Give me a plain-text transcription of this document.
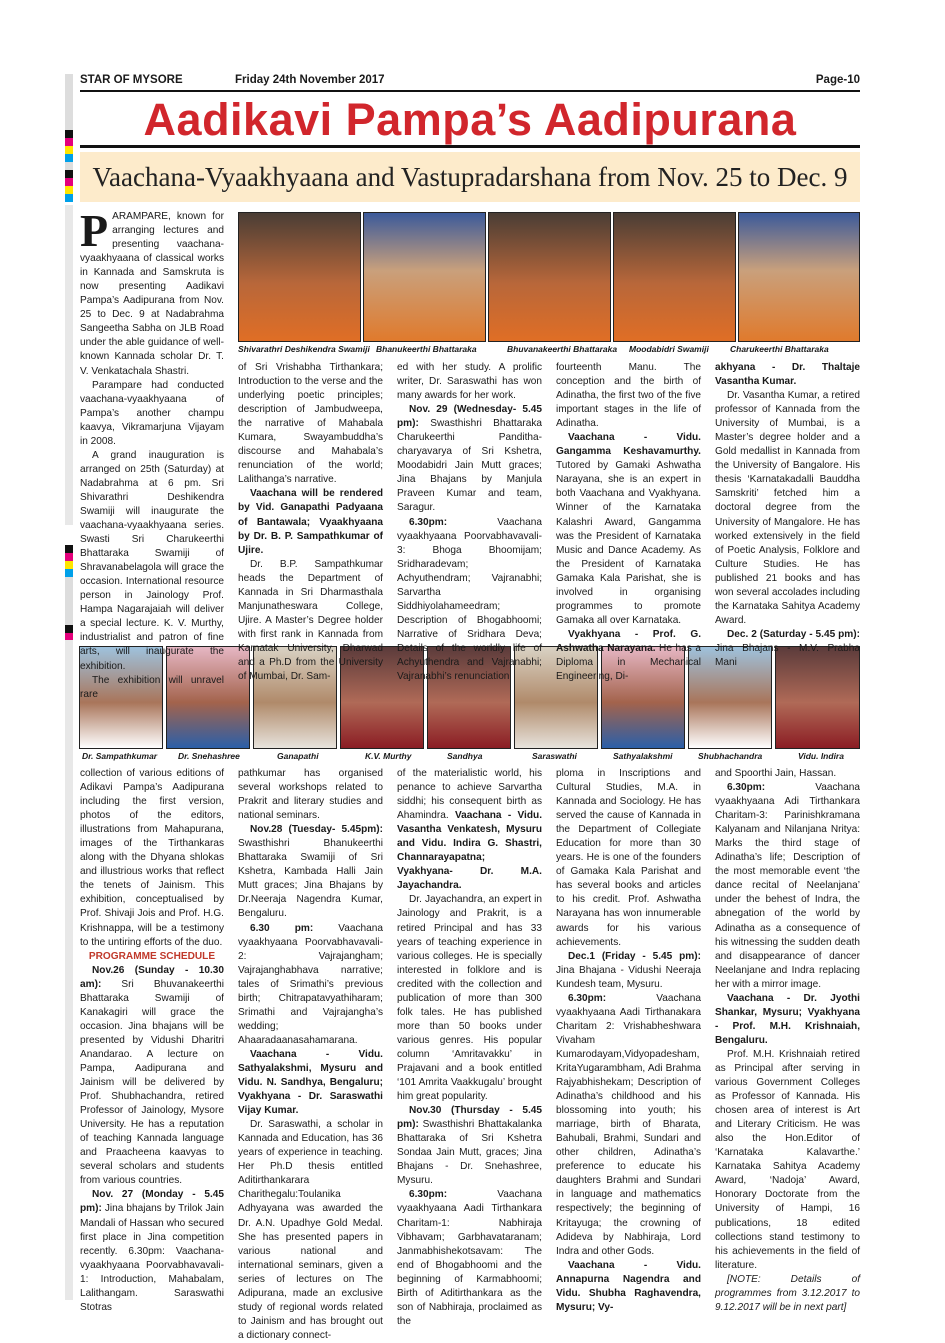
STAR OF MYSORE	Friday 24th November 2017	Page-10
Aadikavi Pampa’s Aadipurana
Vaachana-Vyaakhyaana and Vastupradarshana from Nov. 25 to Dec. 9
Shivarathri Deshikendra Swamiji Bhanukeerthi Bhattaraka	Bhuvanakeerthi Bhattaraka Moodabidri Swamiji Charukeerthi Bhattaraka
Dr. Sampathkumar Dr. Snehashree	Ganapathi	K.V. Murthy	Sandhya	Saraswathi	Sathyalakshmi	Shubhachandra	Vidu. Indira
P ARAMPARE, known for arranging lectures and presenting vaachana-vyaakhyaana of classical works in Kannada and Samskruta is now presenting Aadikavi Pampa’s Aadipurana from Nov. 25 to Dec. 9 at Nadabrahma Sangeetha Sabha on JLB Road under the able guidance of well-known Kannada scholar Dr. T. V. Venkatachala Shastri.

Parampare had conducted vaachana-vyaakhyaana of Pampa’s another champu kaavya, Vikramarjuna Vijayam in 2008.

A grand inauguration is arranged on 25th (Saturday) at Nadabrahma at 6 pm. Sri Shivarathri Deshikendra Swamiji will inaugurate the vaachana-vyaakhyaana series. Swasti Sri Charukeerthi Bhattaraka Swamiji of Shravanabelagola will grace the occasion. International resource person in Jainology Prof. Hampa Nagarajaiah will deliver a special lecture. K. V. Murthy, industrialist and patron of fine arts, will inaugurate the exhibition.

The exhibition will unravel rare

of Sri Vrishabha Tirthankara; Introduction to the verse and the underlying poetic principles; description of Jambudweepa, the narrative of Mahabala Kumara, Swayambuddha’s discourse and Mahabala’s renunciation of the world; Lalithanga’s narrative.

Vaachana will be rendered by Vid. Ganapathi Padyaana of Bantawala; Vyaakhyaana by Dr. B. P. Sampathkumar of Ujire.

Dr. B.P. Sampathkumar heads the Department of Kannada in Sri Dharmasthala Manjunatheswara College, Ujire. A Master’s Degree holder with first rank in Kannada from Karnatak University, Dharwad and a Ph.D from the University of Mumbai, Dr. Sam-

ed with her study. A prolific writer, Dr. Saraswathi has won many awards for her work.

Nov. 29 (Wednesday- 5.45 pm): Swasthishri Bhattaraka Charukeerthi Pandithacharyavarya of Sri Kshetra, Moodabidri Jain Mutt graces; Jina Bhajans by Manjula Praveen Kumar and team, Saragur.

6.30pm: Vaachana vyaakhyaana Poorvabhavavali-3: Bhoga Bhoomijam; Sridharadevam; Achyuthendram; Vajranabhi; Sarvartha Siddhiyolahameedram; Description of Bhogabhoomi; Narrative of Sridhara Deva; Details of the worldly life of Achyuthendra and Vajranabhi; Vajranabhi’s renunciation

fourteenth Manu. The conception and the birth of Adinatha, the first two of the five important stages in the life of Adinatha.

Vaachana - Vidu. Gangamma Keshavamurthy. Tutored by Gamaki Ashwatha Narayana, she is an expert in both Vaachana and Vyakhyana. Winner of the Karnataka Kalashri Award, Gangamma was the President of Karnataka Music and Dance Academy. As the President of Karnataka Gamaka Kala Parishat, she is involved in organising programmes to promote Gamaka all over Karnataka.

Vyakhyana - Prof. G. Ashwatha Narayana. He has a Diploma in Mechanical Engineering, Di-

akhyana - Dr. Thaltaje Vasantha Kumar.

Dr. Vasantha Kumar, a retired professor of Kannada from the University of Mumbai, is a Master’s degree holder and a Gold medallist in Kannada from the University of Bangalore. His thesis ‘Karnatakadalli Bauddha Samskriti’ fetched him a doctoral degree from the University of Mangalore. He has worked extensively in the field of Poetic Analysis, Folklore and Culture Studies. He has published 21 books and has won several accolades including the Karnataka Sahitya Academy Award.

Dec. 2 (Saturday - 5.45 pm): Jina Bhajans - M.V. Prabha Mani

collection of various editions of Adikavi Pampa’s Aadipurana including the first version, photos of the editors, illustrations from Mahapurana, images of the Tirthankaras along with the Dhyana shlokas and illustrious works that reflect the tenets of Jainism. This exhibition, conceptualised by Prof. Shivaji Jois and Prof. H.G. Krishnappa, will be a testimony to the untiring efforts of the duo.

PROGRAMME SCHEDULE

Nov.26 (Sunday - 10.30 am): Sri Bhuvanakeerthi Bhattaraka Swamiji of Kanakagiri will grace the occasion. Jina bhajans will be presented by Vidushi Dharitri Anandarao. A lecture on Pampa, Aadipurana and Jainism will be delivered by Prof. Shubhachandra, retired Professor of Jainology, Mysore University. He has a reputation of teaching Kannada language and Praacheena kaavyas to several scholars and students from various countries.

Nov. 27 (Monday - 5.45 pm): Jina bhajans by Trilok Jain Mandali of Hassan who secured first place in Jina competition recently. 6.30pm: Vaachana-vyaakhyaana Poorvabhavavali-1: Introduction, Mahabalam, Lalithangam. Saraswathi Stotras

pathkumar has organised several workshops related to Prakrit and literary studies and national seminars.

Nov.28 (Tuesday- 5.45pm): Swasthishri Bhanukeerthi Bhattaraka Swamiji of Sri Kshetra, Kambada Halli Jain Mutt graces; Jina Bhajans by Dr.Neeraja Nagendra Kumar, Bengaluru.

6.30 pm: Vaachana vyaakhyaana Poorvabhavavali-2: Vajrajangham; Vajrajanghabhava narrative; tales of Srimathi’s previous birth; Chitrapatavyathiharam; Srimathi and Vajrajangha’s wedding; Ahaaradaanasahamarana.

Vaachana - Vidu. Sathyalakshmi, Mysuru and Vidu. N. Sandhya, Bengaluru; Vyakhyana - Dr. Saraswathi Vijay Kumar.

Dr. Saraswathi, a scholar in Kannada and Education, has 36 years of experience in teaching. Her Ph.D thesis entitled Aditirthankarara Charithegalu:Toulanika Adhyayana was awarded the Dr. A.N. Upadhye Gold Medal. She has presented papers in various national and international seminars, given a series of lectures on The Adipurana, made an exclusive study of regional words related to Jainism and has brought out a dictionary connect-

of the materialistic world, his penance to achieve Sarvartha siddhi; his consequent birth as Ahamindra. Vaachana - Vidu. Vasantha Venkatesh, Mysuru and Vidu. Indira G. Shastri, Channarayapatna; Vyakhyana- Dr. M.A. Jayachandra.

Dr. Jayachandra, an expert in Jainology and Prakrit, is a retired Principal and has 33 years of teaching experience in various colleges. He is specially interested in folklore and is credited with the collection and publication of more than 300 folk tales. He has published more than 50 books under various genres. His popular column ‘Amritavakku’ in Prajavani and a book entitled ‘101 Amrita Vaakkugalu’ brought him great popularity.

Nov.30 (Thursday - 5.45 pm): Swasthishri Bhattakalanka Bhattaraka of Sri Kshetra Sondaa Jain Mutt, graces; Jina Bhajans - Dr. Snehashree, Mysuru.

6.30pm: Vaachana vyaakhyaana Aadi Tirthankara Charitam-1: Nabhiraja Vibhavam; Garbhavataranam; Janmabhishekotsavam: The end of Bhogabhoomi and the beginning of Karmabhoomi; Birth of Aditirthankara as the son of Nabhiraja, proclaimed as the

ploma in Inscriptions and Cultural Studies, M.A. in Kannada and Sociology. He has served the cause of Kannada in the Department of Collegiate Education for more than 30 years. He is one of the founders of Gamaka Kala Parishat and has several books and articles to his credit. Prof. Ashwatha Narayana has won innumerable awards for his various achievements.

Dec.1 (Friday - 5.45 pm): Jina Bhajana - Vidushi Neeraja Kundesh team, Mysuru.

6.30pm: Vaachana vyaakhyaana Aadi Tirthanakara Charitam 2: Vrishabheshwara Vivaham Kumarodayam,Vidyopadesham, KritaYugarambham, Adi Brahma Rajyabhishekam; Description of Adinatha’s childhood and his blossoming into youth; his marriage, birth of Bharata, Bahubali, Brahmi, Sundari and other children, Adinatha’s preference to educate his daughters Brahmi and Sundari in language and mathematics respectively; the beginning of Kritayuga; the crowning of Adideva by Nabhiraja, Lord Indra and other Gods.

Vaachana - Vidu. Annapurna Nagendra and Vidu. Shubha Raghavendra, Mysuru; Vy-

and Spoorthi Jain, Hassan.

6.30pm: Vaachana vyaakhyaana Adi Tirthankara Charitam-3: Parinishkramana Kalyanam and Nilanjana Nritya: Marks the third stage of Adinatha’s life; Description of the most memorable event ‘the dance recital of Neelanjana’ under the behest of Indra, the abnegation of the world by Adinatha as a consequence of his witnessing the sudden death and disappearance of dancer Neelanjane and Indra replacing her with a mirror image.

Vaachana - Dr. Jyothi Shankar, Mysuru; Vyakhyana - Prof. M.H. Krishnaiah, Bengaluru.

Prof. M.H. Krishnaiah retired as Principal after serving in various Government Colleges as Professor of Kannada. His chosen area of interest is Art and Literary Criticism. He was also the Hon.Editor of ‘Karnataka Kalavarthe.’ Karnataka Sahitya Academy Award, ‘Nadoja’ Award, Honorary Doctorate from the University of Hampi, 16 publications, 18 edited collections stand testimony to his achievements in the field of literature.

[NOTE: Details of programmes from 3.12.2017 to 9.12.2017 will be in next part]
